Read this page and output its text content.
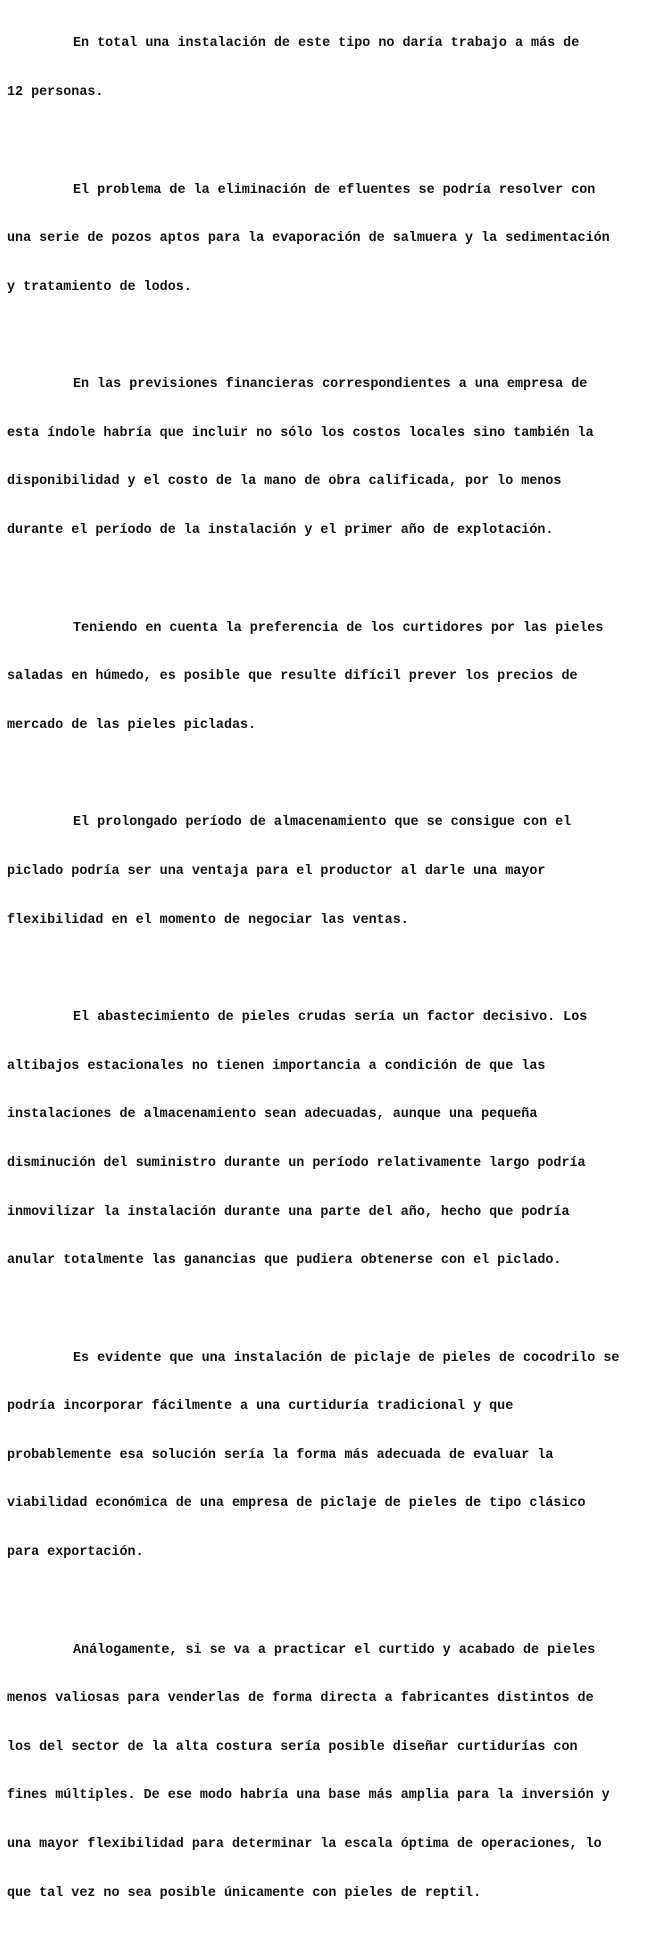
En total una instalación de este tipo no daría trabajo a más de

12 personas.

El problema de la eliminación de efluentes se podría resolver con

una serie de pozos aptos para la evaporación de salmuera y la sedimentación

y tratamiento de lodos.

En las previsiones financieras correspondientes a una empresa de

esta índole habría que incluir no sólo los costos locales sino también la

disponibilidad y el costo de la mano de obra calificada, por lo menos

durante el período de la instalación y el primer año de explotación.

Teniendo en cuenta la preferencia de los curtidores por las pieles

saladas en húmedo, es posible que resulte difícil prever los precios de

mercado de las pieles picladas.

El prolongado período de almacenamiento que se consigue con el

piclado podría ser una ventaja para el productor al darle una mayor

flexibilidad en el momento de negociar las ventas.

El abastecimiento de pieles crudas sería un factor decisivo. Los

altibajos estacionales no tienen importancia a condición de que las

instalaciones de almacenamiento sean adecuadas, aunque una pequeña

disminución del suministro durante un período relativamente largo podría

inmovilizar la instalación durante una parte del año, hecho que podría

anular totalmente las ganancias que pudiera obtenerse con el piclado.

Es evidente que una instalación de piclaje de pieles de cocodrilo se

podría incorporar fácilmente a una curtiduría tradicional y que

probablemente esa solución sería la forma más adecuada de evaluar la

viabilidad económica de una empresa de piclaje de pieles de tipo clásico

para exportación.

Análogamente, si se va a practicar el curtido y acabado de pieles

menos valiosas para venderlas de forma directa a fabricantes distintos de

los del sector de la alta costura sería posible diseñar curtidurías con

fines múltiples. De ese modo habría una base más amplia para la inversión y

una mayor flexibilidad para determinar la escala óptima de operaciones, lo

que tal vez no sea posible únicamente con pieles de reptil.
